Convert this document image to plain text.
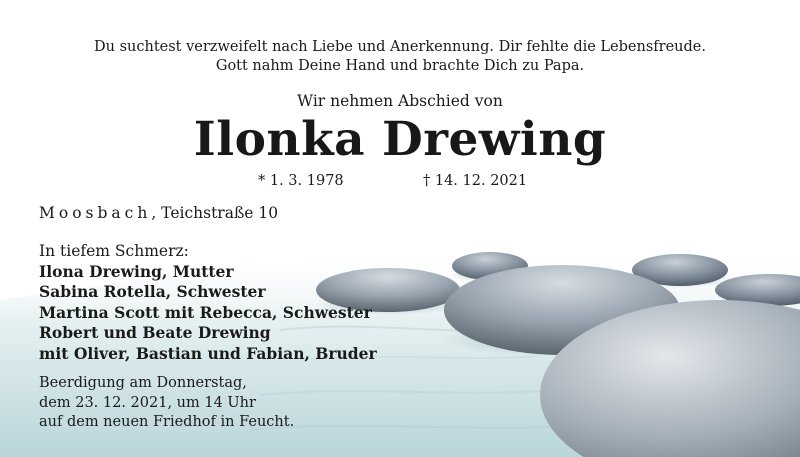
Du suchtest verzweifelt nach Liebe und Anerkennung. Dir fehlte die Lebensfreude.
Gott nahm Deine Hand und brachte Dich zu Papa.
Wir nehmen Abschied von
Ilonka Drewing
* 1. 3. 1978	† 14. 12. 2021
Moosbach, Teichstraße 10
In tiefem Schmerz:
Ilona Drewing, Mutter
Sabina Rotella, Schwester
Martina Scott mit Rebecca, Schwester
Robert und Beate Drewing
mit Oliver, Bastian und Fabian, Bruder
Beerdigung am Donnerstag,
dem 23. 12. 2021, um 14 Uhr
auf dem neuen Friedhof in Feucht.
